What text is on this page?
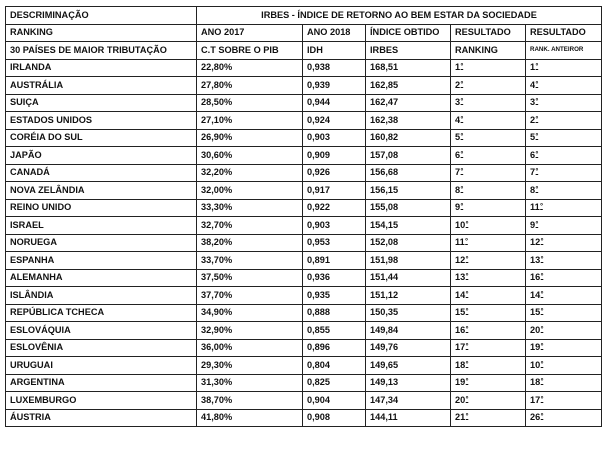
DESCRIMINAÇÃO	IRBES - ÍNDICE DE RETORNO AO BEM ESTAR DA SOCIEDADE				
RANKING	ANO 2017	ANO 2018	ÍNDICE OBTIDO	RESULTADO	RESULTADO
30 PAÍSES DE MAIOR TRIBUTAÇÃO	C.T SOBRE O PIB	IDH	IRBES	RANKING	RANK. ANTEIROR
IRLANDA	22,80%	0,938	168,51	$1^º$	$1^º$
AUSTRÁLIA	27,80%	0,939	162,85	$2^º$	$4^º$
SUIÇA	28,50%	0,944	162,47	$3^º$	$3^º$
ESTADOS UNIDOS	27,10%	0,924	162,38	$4^º$	$2^º$
CORÉIA DO SUL	26,90%	0,903	160,82	$5^º$	$5^º$
JAPÃO	30,60%	0,909	157,08	$6^º$	$6^º$
CANADÁ	32,20%	0,926	156,68	$7^º$	$7^º$
NOVA ZELÂNDIA	32,00%	0,917	156,15	$8^º$	$8^º$
REINO UNIDO	33,30%	0,922	155,08	$9^º$	$11^º$
ISRAEL	32,70%	0,903	154,15	$10^º$	$9^º$
NORUEGA	38,20%	0,953	152,08	$11^º$	$12^º$
ESPANHA	33,70%	0,891	151,98	$12^º$	$13^º$
ALEMANHA	37,50%	0,936	151,44	$13^º$	$16^º$
ISLÂNDIA	37,70%	0,935	151,12	$14^º$	$14^º$
REPÚBLICA TCHECA	34,90%	0,888	150,35	$15^º$	$15^º$
ESLOVÁQUIA	32,90%	0,855	149,84	$16^º$	$20^º$
ESLOVÊNIA	36,00%	0,896	149,76	$17^º$	$19^º$
URUGUAI	29,30%	0,804	149,65	$18^º$	$10^º$
ARGENTINA	31,30%	0,825	149,13	$19^º$	$18^º$
LUXEMBURGO	38,70%	0,904	147,34	$20^º$	$17^º$
ÁUSTRIA	41,80%	0,908	144,11	$21^º$	$26^º$
